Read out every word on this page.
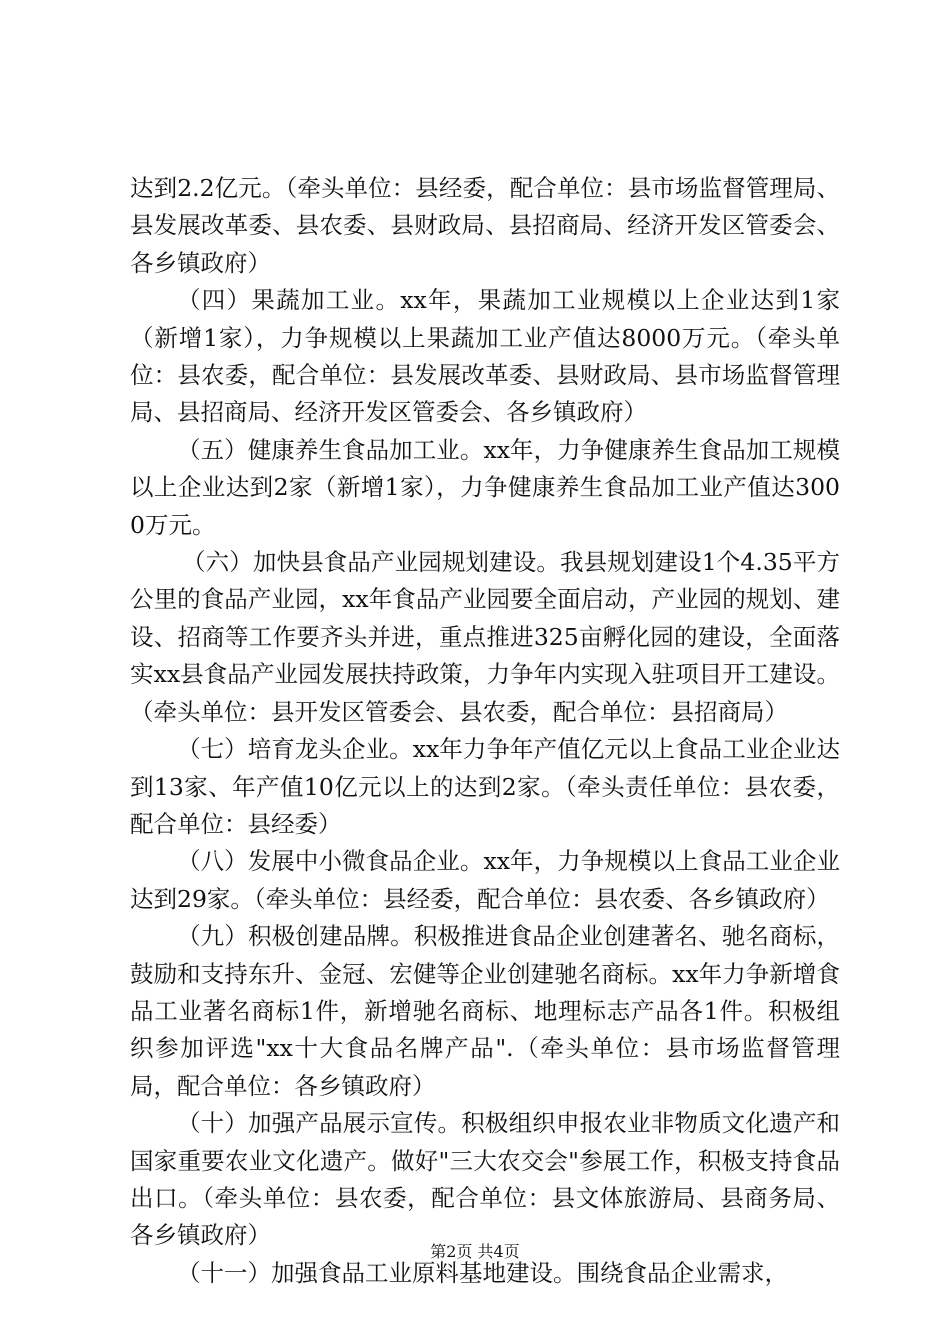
达到2.2亿元。（牵头单位：县经委，配合单位：县市场监督管理局、县发展改革委、县农委、县财政局、县招商局、经济开发区管委会、各乡镇政府）

（四）果蔬加工业。xx年，果蔬加工业规模以上企业达到1家（新增1家），力争规模以上果蔬加工业产值达8000万元。（牵头单位：县农委，配合单位：县发展改革委、县财政局、县市场监督管理局、县招商局、经济开发区管委会、各乡镇政府）

（五）健康养生食品加工业。xx年，力争健康养生食品加工规模以上企业达到2家（新增1家），力争健康养生食品加工业产值达3000万元。

（六）加快县食品产业园规划建设。我县规划建设1个4.35平方公里的食品产业园，xx年食品产业园要全面启动，产业园的规划、建设、招商等工作要齐头并进，重点推进325亩孵化园的建设，全面落实xx县食品产业园发展扶持政策，力争年内实现入驻项目开工建设。（牵头单位：县开发区管委会、县农委，配合单位：县招商局）

（七）培育龙头企业。xx年力争年产值亿元以上食品工业企业达到13家、年产值10亿元以上的达到2家。（牵头责任单位：县农委，配合单位：县经委）

（八）发展中小微食品企业。xx年，力争规模以上食品工业企业达到29家。（牵头单位：县经委，配合单位：县农委、各乡镇政府）

（九）积极创建品牌。积极推进食品企业创建著名、驰名商标，鼓励和支持东升、金冠、宏健等企业创建驰名商标。xx年力争新增食品工业著名商标1件，新增驰名商标、地理标志产品各1件。积极组织参加评选"xx十大食品名牌产品".（牵头单位：县市场监督管理局，配合单位：各乡镇政府）

（十）加强产品展示宣传。积极组织申报农业非物质文化遗产和国家重要农业文化遗产。做好"三大农交会"参展工作，积极支持食品出口。（牵头单位：县农委，配合单位：县文体旅游局、县商务局、各乡镇政府）

（十一）加强食品工业原料基地建设。围绕食品企业需求，

第2页 共4页
